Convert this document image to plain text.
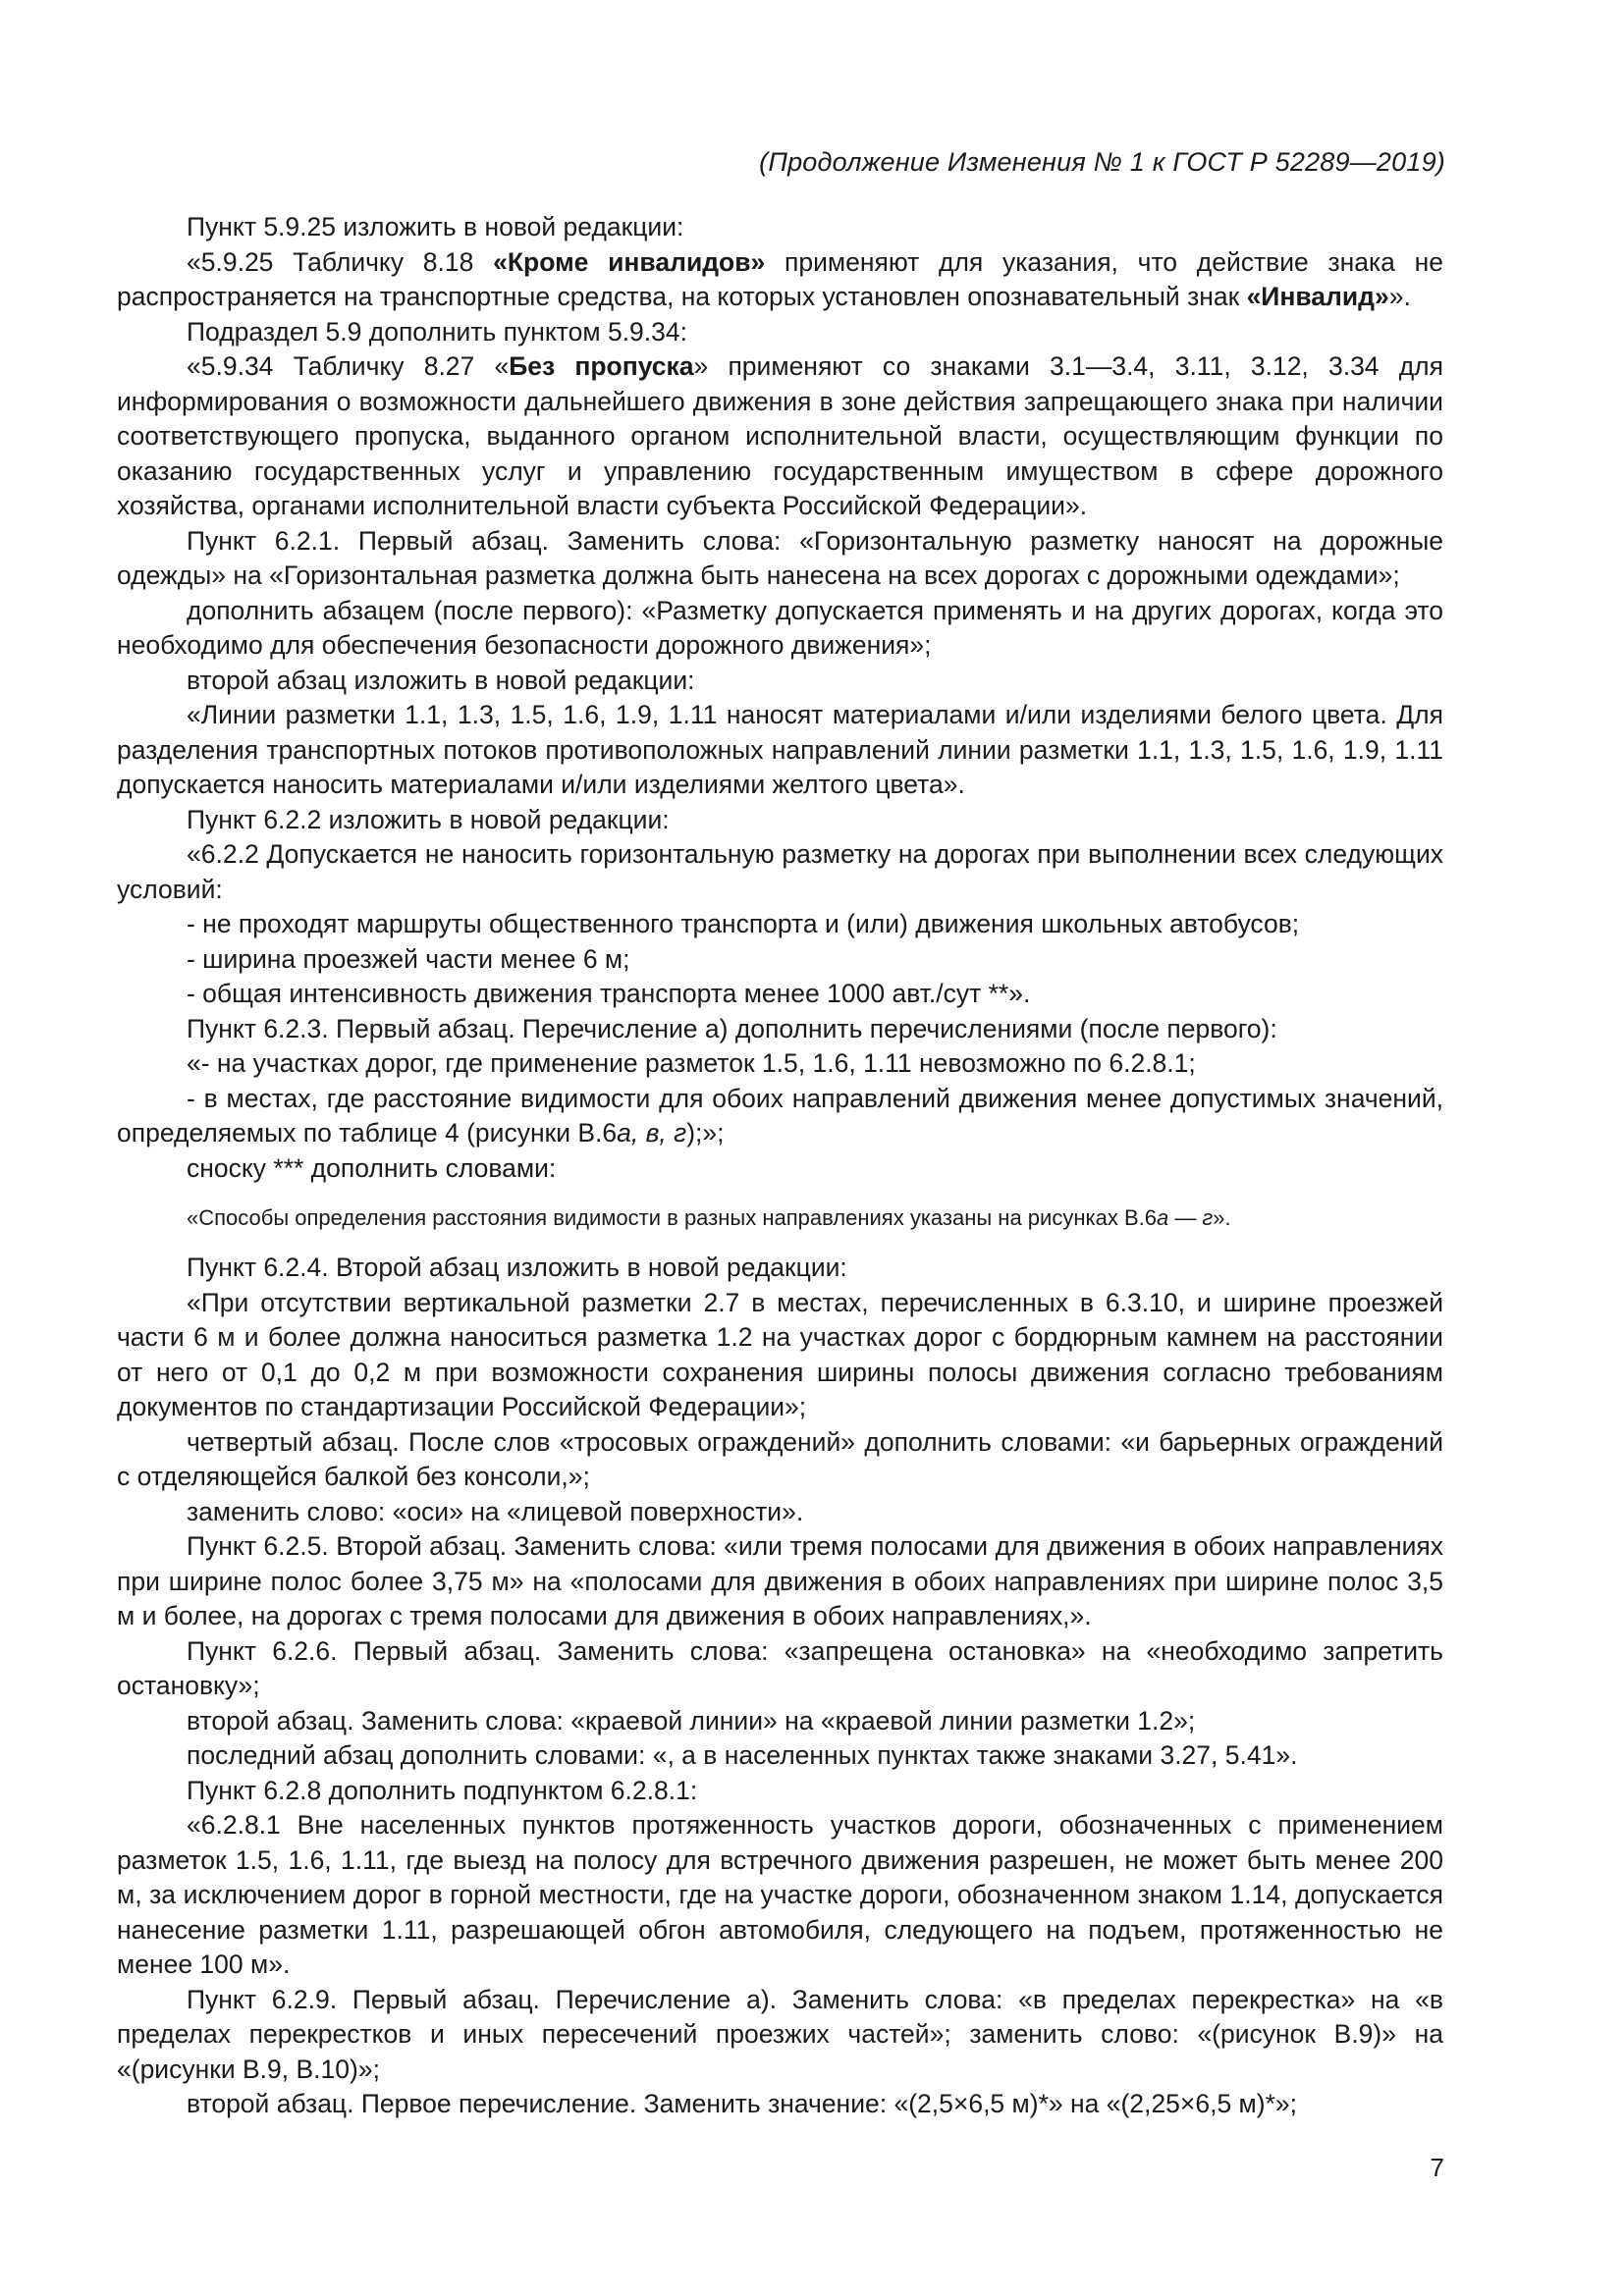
(Продолжение Изменения № 1 к ГОСТ Р 52289—2019)

Пункт 5.9.25 изложить в новой редакции:

«5.9.25 Табличку 8.18 «Кроме инвалидов» применяют для указания, что действие знака не распространяется на транспортные средства, на которых установлен опознавательный знак «Инвалид»».

Подраздел 5.9 дополнить пунктом 5.9.34:

«5.9.34 Табличку 8.27 «Без пропуска» применяют со знаками 3.1—3.4, 3.11, 3.12, 3.34 для информирования о возможности дальнейшего движения в зоне действия запрещающего знака при наличии соответствующего пропуска, выданного органом исполнительной власти, осуществляющим функции по оказанию государственных услуг и управлению государственным имуществом в сфере дорожного хозяйства, органами исполнительной власти субъекта Российской Федерации».

Пункт 6.2.1. Первый абзац. Заменить слова: «Горизонтальную разметку наносят на дорожные одежды» на «Горизонтальная разметка должна быть нанесена на всех дорогах с дорожными одеждами»;

дополнить абзацем (после первого): «Разметку допускается применять и на других дорогах, когда это необходимо для обеспечения безопасности дорожного движения»;

второй абзац изложить в новой редакции:

«Линии разметки 1.1, 1.3, 1.5, 1.6, 1.9, 1.11 наносят материалами и/или изделиями белого цвета. Для разделения транспортных потоков противоположных направлений линии разметки 1.1, 1.3, 1.5, 1.6, 1.9, 1.11 допускается наносить материалами и/или изделиями желтого цвета».

Пункт 6.2.2 изложить в новой редакции:

«6.2.2 Допускается не наносить горизонтальную разметку на дорогах при выполнении всех следующих условий:

- не проходят маршруты общественного транспорта и (или) движения школьных автобусов;

- ширина проезжей части менее 6 м;

- общая интенсивность движения транспорта менее 1000 авт./сут **».

Пункт 6.2.3. Первый абзац. Перечисление а) дополнить перечислениями (после первого):

«- на участках дорог, где применение разметок 1.5, 1.6, 1.11 невозможно по 6.2.8.1;

- в местах, где расстояние видимости для обоих направлений движения менее допустимых значений, определяемых по таблице 4 (рисунки В.6а, в, г);»;

сноску *** дополнить словами:

«Способы определения расстояния видимости в разных направлениях указаны на рисунках В.6а — г».

Пункт 6.2.4. Второй абзац изложить в новой редакции:

«При отсутствии вертикальной разметки 2.7 в местах, перечисленных в 6.3.10, и ширине проезжей части 6 м и более должна наноситься разметка 1.2 на участках дорог с бордюрным камнем на расстоянии от него от 0,1 до 0,2 м при возможности сохранения ширины полосы движения согласно требованиям документов по стандартизации Российской Федерации»;

четвертый абзац. После слов «тросовых ограждений» дополнить словами: «и барьерных ограждений с отделяющейся балкой без консоли,»;

заменить слово: «оси» на «лицевой поверхности».

Пункт 6.2.5. Второй абзац. Заменить слова: «или тремя полосами для движения в обоих направлениях при ширине полос более 3,75 м» на «полосами для движения в обоих направлениях при ширине полос 3,5 м и более, на дорогах с тремя полосами для движения в обоих направлениях,».

Пункт 6.2.6. Первый абзац. Заменить слова: «запрещена остановка» на «необходимо запретить остановку»;

второй абзац. Заменить слова: «краевой линии» на «краевой линии разметки 1.2»;

последний абзац дополнить словами: «, а в населенных пунктах также знаками 3.27, 5.41».

Пункт 6.2.8 дополнить подпунктом 6.2.8.1:

«6.2.8.1 Вне населенных пунктов протяженность участков дороги, обозначенных с применением разметок 1.5, 1.6, 1.11, где выезд на полосу для встречного движения разрешен, не может быть менее 200 м, за исключением дорог в горной местности, где на участке дороги, обозначенном знаком 1.14, допускается нанесение разметки 1.11, разрешающей обгон автомобиля, следующего на подъем, протяженностью не менее 100 м».

Пункт 6.2.9. Первый абзац. Перечисление а). Заменить слова: «в пределах перекрестка» на «в пределах перекрестков и иных пересечений проезжих частей»; заменить слово: «(рисунок В.9)» на «(рисунки В.9, В.10)»;

второй абзац. Первое перечисление. Заменить значение: «(2,5×6,5 м)*» на «(2,25×6,5 м)*»;

7
